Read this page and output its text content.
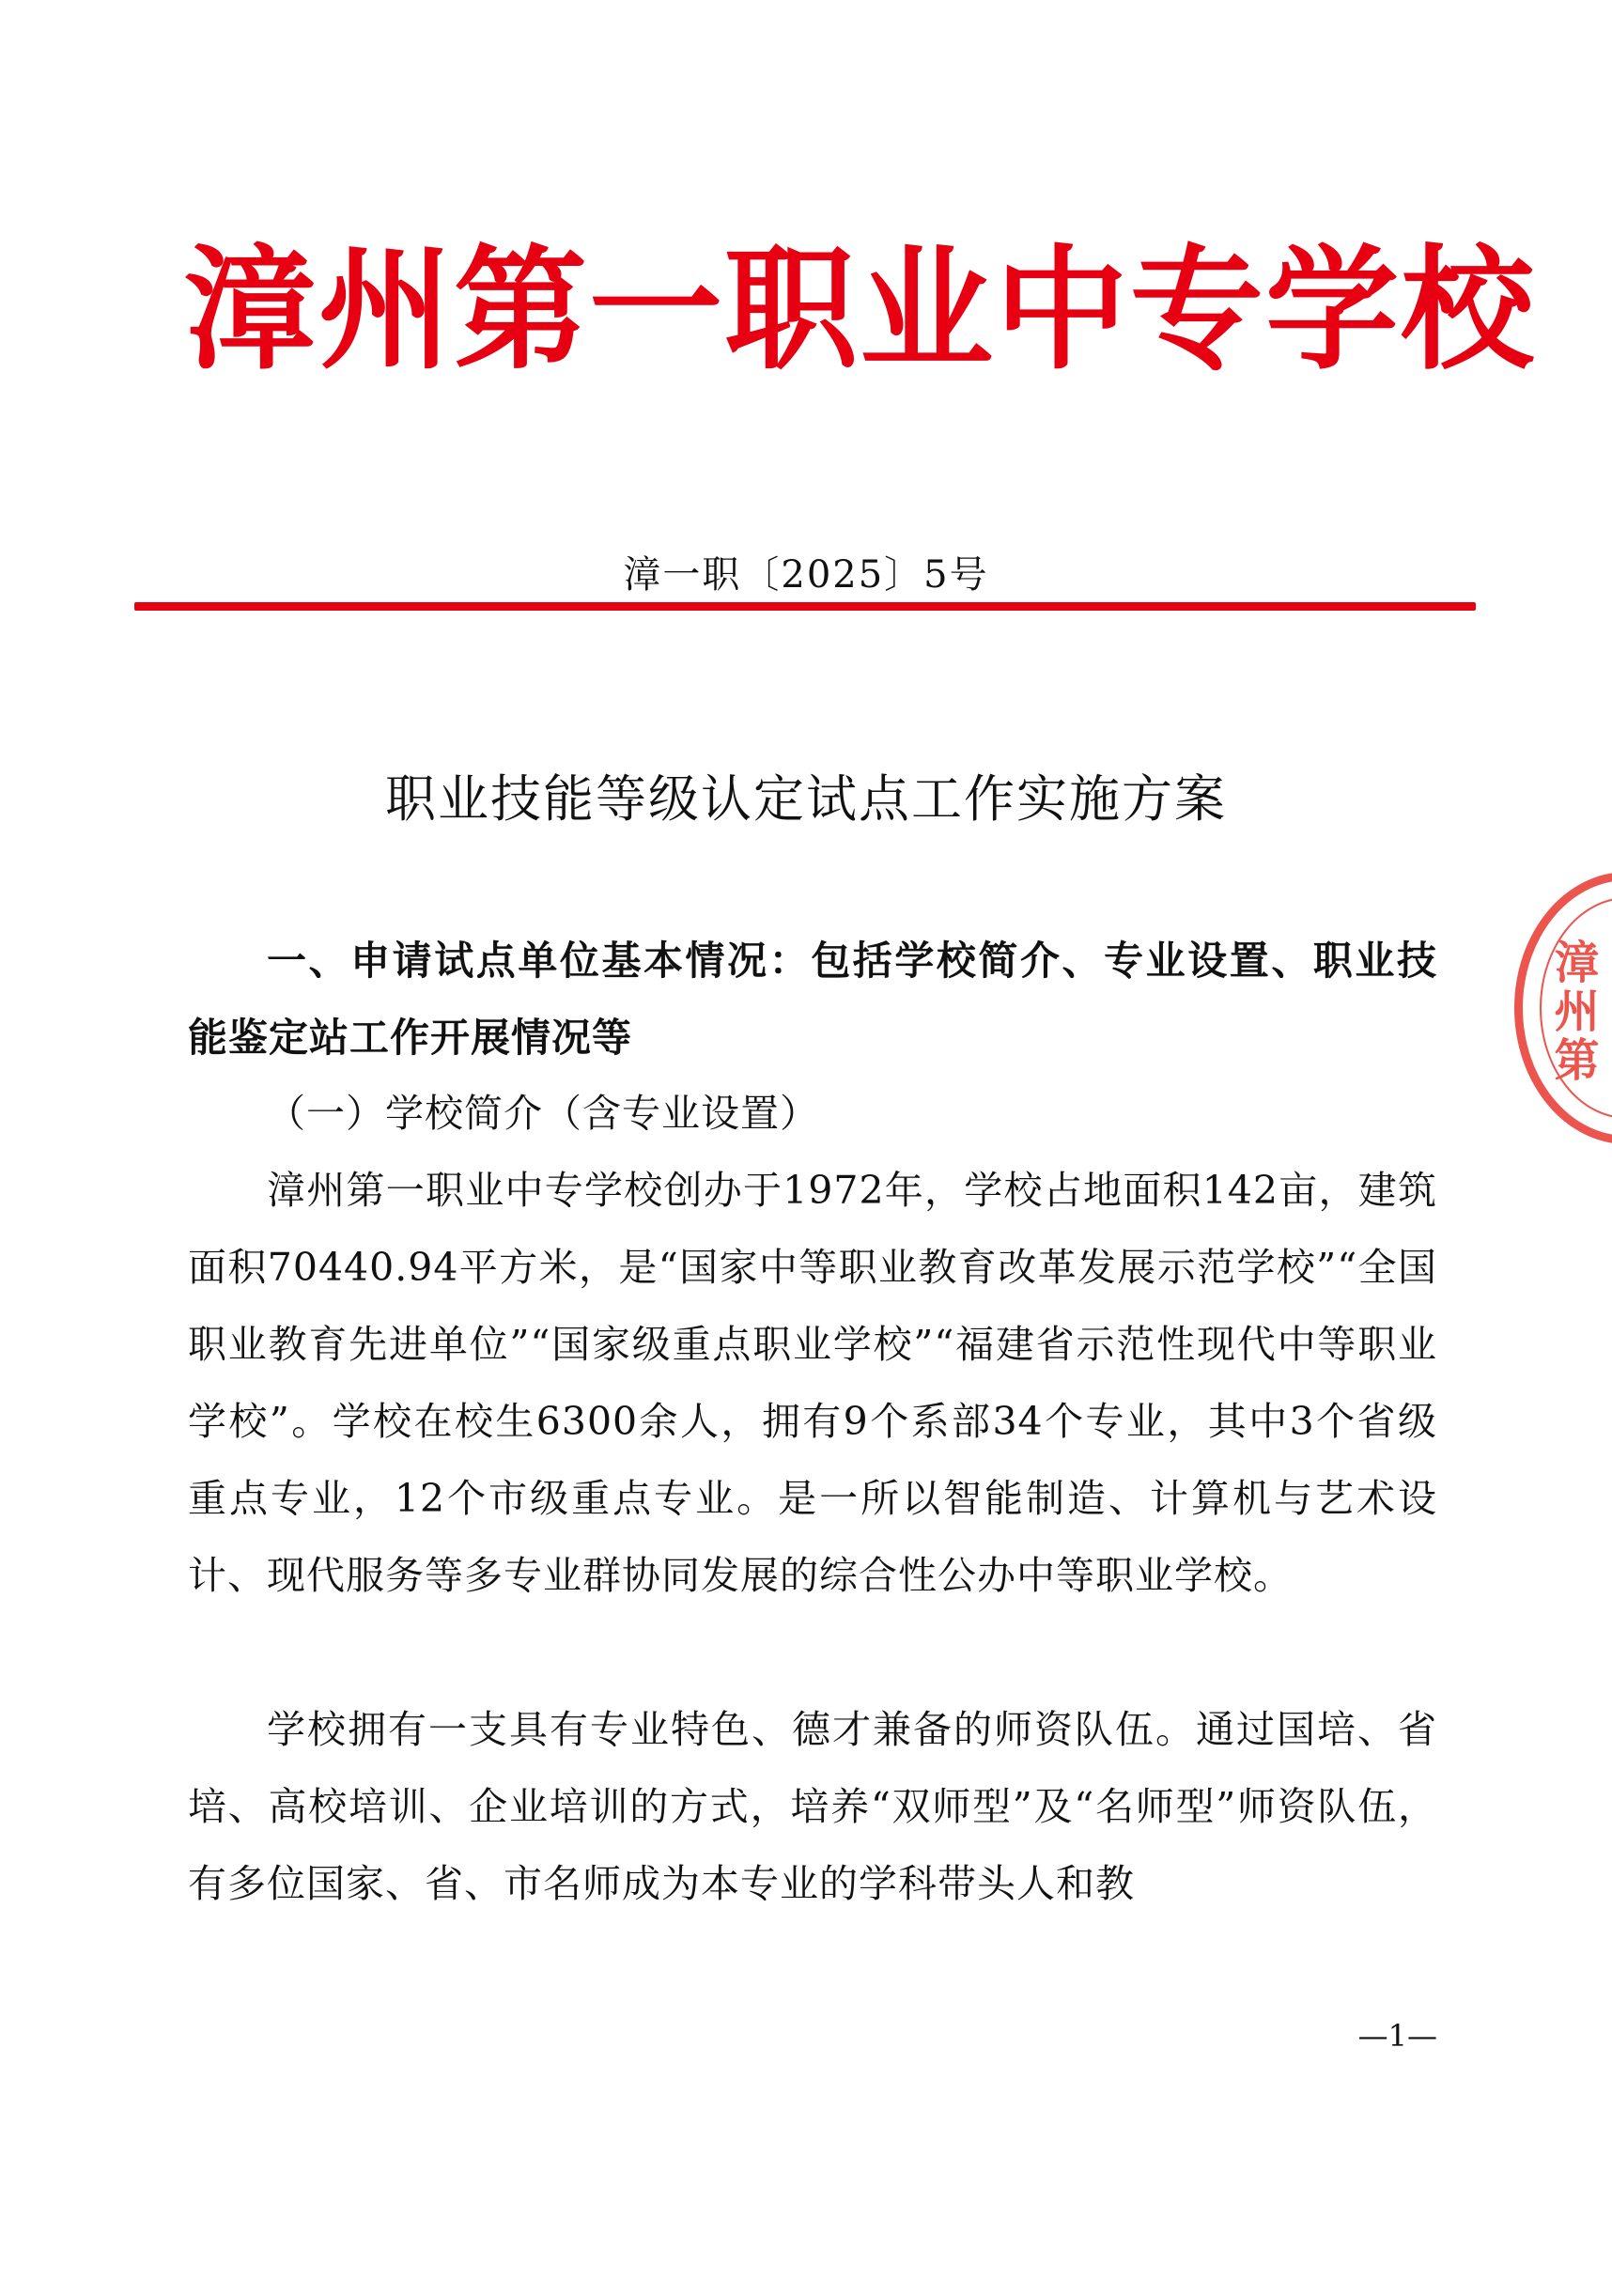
漳州第一职业中专学校
漳一职〔2025〕5号
职业技能等级认定试点工作实施方案
一、申请试点单位基本情况：包括学校简介、专业设置、职业技能鉴定站工作开展情况等
（一）学校简介（含专业设置）
漳州第一职业中专学校创办于1972年，学校占地面积142亩，建筑面积70440.94平方米，是“国家中等职业教育改革发展示范学校”“全国职业教育先进单位”“国家级重点职业学校”“福建省示范性现代中等职业学校”。学校在校生6300余人，拥有9个系部34个专业，其中3个省级重点专业，12个市级重点专业。是一所以智能制造、计算机与艺术设计、现代服务等多专业群协同发展的综合性公办中等职业学校。
学校拥有一支具有专业特色、德才兼备的师资队伍。通过国培、省培、高校培训、企业培训的方式，培养“双师型”及“名师型”师资队伍，有多位国家、省、市名师成为本专业的学科带头人和教
—1—
漳州第
